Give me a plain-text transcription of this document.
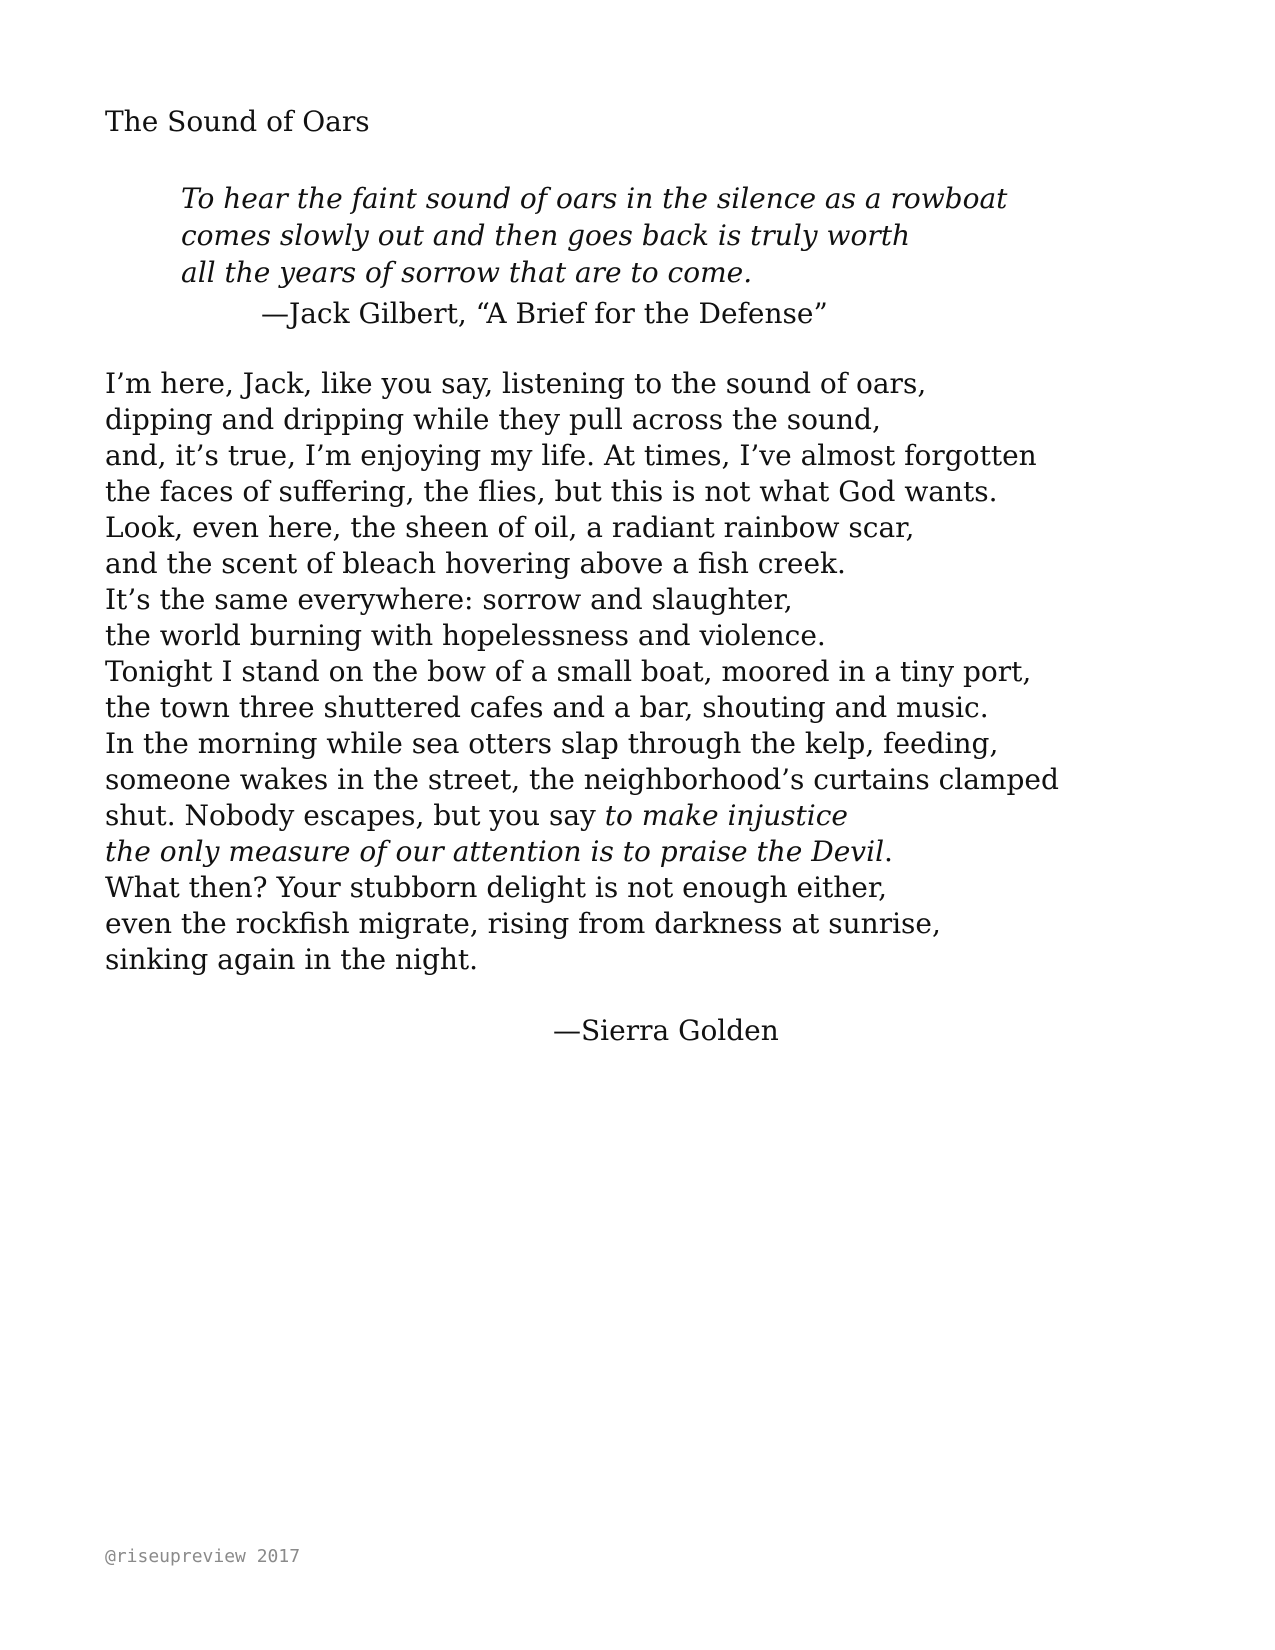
The Sound of Oars
To hear the faint sound of oars in the silence as a rowboat
comes slowly out and then goes back is truly worth
all the years of sorrow that are to come.
—Jack Gilbert, “A Brief for the Defense”
I’m here, Jack, like you say, listening to the sound of oars,
dipping and dripping while they pull across the sound,
and, it’s true, I’m enjoying my life. At times, I’ve almost forgotten
the faces of suffering, the flies, but this is not what God wants.
Look, even here, the sheen of oil, a radiant rainbow scar,
and the scent of bleach hovering above a fish creek.
It’s the same everywhere: sorrow and slaughter,
the world burning with hopelessness and violence.
Tonight I stand on the bow of a small boat, moored in a tiny port,
the town three shuttered cafes and a bar, shouting and music.
In the morning while sea otters slap through the kelp, feeding,
someone wakes in the street, the neighborhood’s curtains clamped
shut. Nobody escapes, but you say to make injustice
the only measure of our attention is to praise the Devil.
What then? Your stubborn delight is not enough either,
even the rockfish migrate, rising from darkness at sunrise,
sinking again in the night.
—Sierra Golden
@riseupreview 2017
